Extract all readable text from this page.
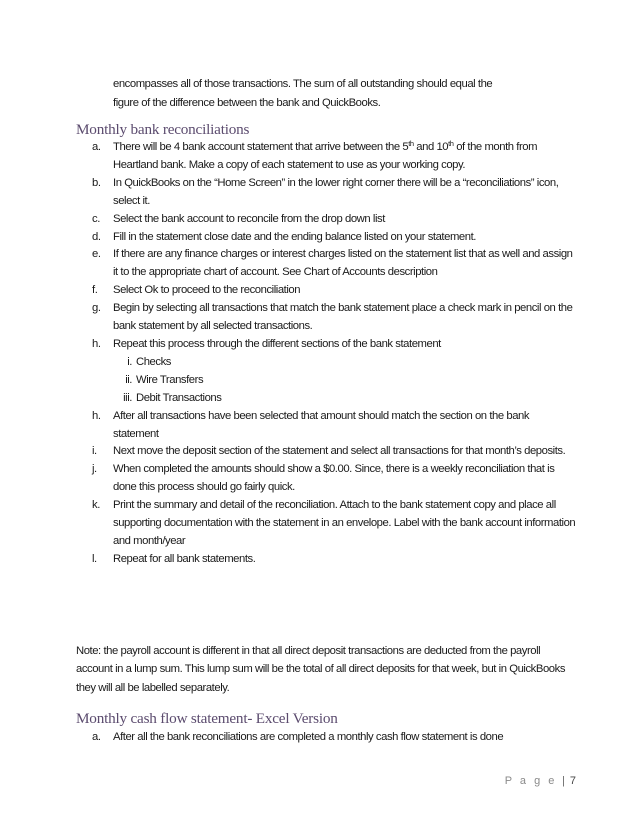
encompasses all of those transactions. The sum of all outstanding should equal the
figure of the difference between the bank and QuickBooks.
Monthly bank reconciliations
a. There will be 4 bank account statement that arrive between the 5th and 10th of the month from Heartland bank. Make a copy of each statement to use as your working copy.
b. In QuickBooks on the “Home Screen” in the lower right corner there will be a “reconciliations” icon, select it.
c. Select the bank account to reconcile from the drop down list
d. Fill in the statement close date and the ending balance listed on your statement.
e. If there are any finance charges or interest charges listed on the statement list that as well and assign it to the appropriate chart of account. See Chart of Accounts description
f. Select Ok to proceed to the reconciliation
g. Begin by selecting all transactions that match the bank statement place a check mark in pencil on the bank statement by all selected transactions.
h. Repeat this process through the different sections of the bank statement
i. Checks
ii. Wire Transfers
iii. Debit Transactions
h. After all transactions have been selected that amount should match the section on the bank statement
i. Next move the deposit section of the statement and select all transactions for that month’s deposits.
j. When completed the amounts should show a $0.00. Since, there is a weekly reconciliation that is done this process should go fairly quick.
k. Print the summary and detail of the reconciliation. Attach to the bank statement copy and place all supporting documentation with the statement in an envelope. Label with the bank account information and month/year
l. Repeat for all bank statements.
Note: the payroll account is different in that all direct deposit transactions are deducted from the payroll account in a lump sum. This lump sum will be the total of all direct deposits for that week, but in QuickBooks they will all be labelled separately.
Monthly cash flow statement- Excel Version
a. After all the bank reconciliations are completed a monthly cash flow statement is done
P a g e | 7
